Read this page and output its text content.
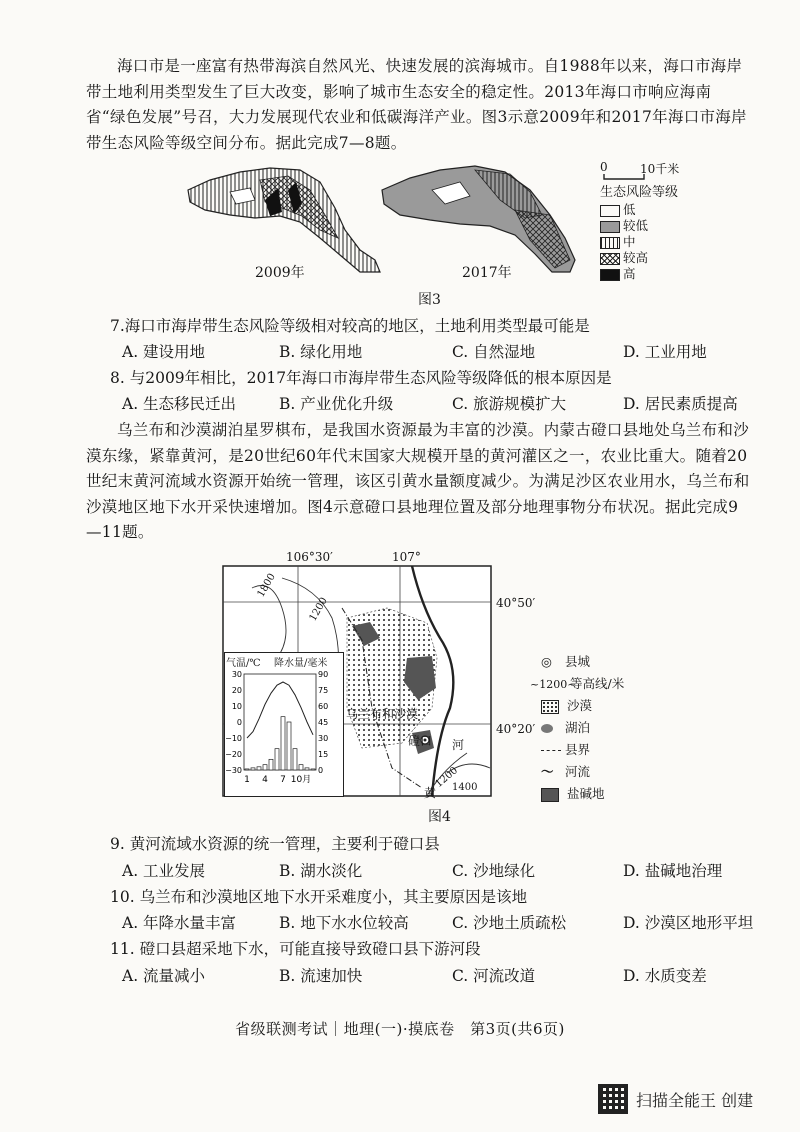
海口市是一座富有热带海滨自然风光、快速发展的滨海城市。自1988年以来，海口市海岸带土地利用类型发生了巨大改变，影响了城市生态安全的稳定性。2013年海口市响应海南省“绿色发展”号召，大力发展现代农业和低碳海洋产业。图3示意2009年和2017年海口市海岸带生态风险等级空间分布。据此完成7—8题。

0	10千米
生态风险等级
低
较低
中
较高
高
2009年	2017年
图3
7.海口市海岸带生态风险等级相对较高的地区，土地利用类型最可能是
A. 建设用地	B. 绿化用地	C. 自然湿地	D. 工业用地
8. 与2009年相比，2017年海口市海岸带生态风险等级降低的根本原因是
A. 生态移民迁出	B. 产业优化升级	C. 旅游规模扩大	D. 居民素质提高

乌兰布和沙漠湖泊星罗棋布，是我国水资源最为丰富的沙漠。内蒙古磴口县地处乌兰布和沙漠东缘，紧靠黄河，是20世纪60年代末国家大规模开垦的黄河灌区之一，农业比重大。随着20世纪末黄河流域水资源开始统一管理，该区引黄水量额度减少。为满足沙区农业用水，乌兰布和沙漠地区地下水开采快速增加。图4示意磴口县地理位置及部分地理事物分布状况。据此完成9—11题。

106°30′	107°
40°50′
40°20′
1800
1200
1200
1400
乌兰布和沙漠
磴口 河
黄
气温/℃ 降水量/毫米
30
20
10
0
−10
−20
−30
90
75
60
45
30
15
0
1 4 7 10月
◎ 县城
~1200~等高线/米
沙漠
湖泊
县界
〜 河流
盐碱地
图4
9. 黄河流域水资源的统一管理，主要利于磴口县
A. 工业发展	B. 湖水淡化	C. 沙地绿化	D. 盐碱地治理
10. 乌兰布和沙漠地区地下水开采难度小，其主要原因是该地
A. 年降水量丰富	B. 地下水水位较高	C. 沙地土质疏松	D. 沙漠区地形平坦
11. 磴口县超采地下水，可能直接导致磴口县下游河段
A. 流量减小	B. 流速加快	C. 河流改道	D. 水质变差
省级联测考试｜地理(一)·摸底卷　第3页(共6页)
扫描全能王 创建
